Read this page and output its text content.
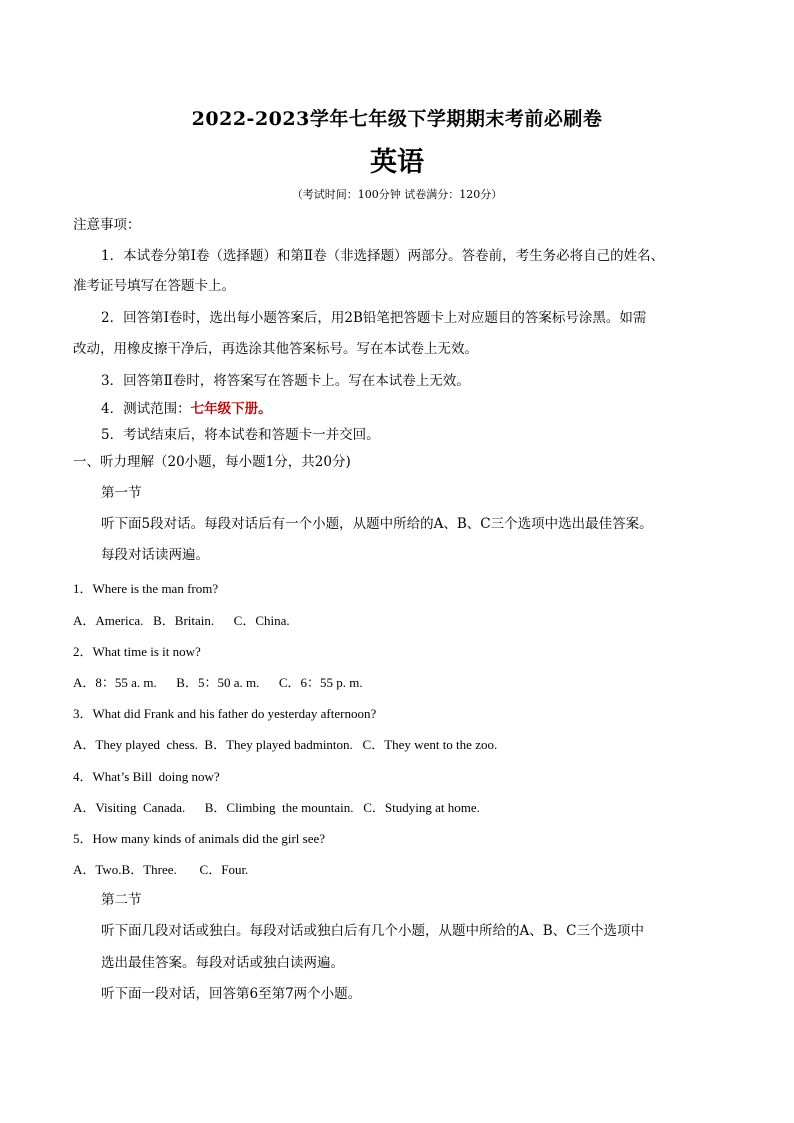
2022-2023学年七年级下学期期末考前必刷卷
英语
（考试时间：100分钟 试卷满分：120分）
注意事项：
1．本试卷分第Ⅰ卷（选择题）和第Ⅱ卷（非选择题）两部分。答卷前，考生务必将自己的姓名、
准考证号填写在答题卡上。
2．回答第Ⅰ卷时，选出每小题答案后，用2B铅笔把答题卡上对应题目的答案标号涂黑。如需
改动，用橡皮擦干净后，再选涂其他答案标号。写在本试卷上无效。
3．回答第Ⅱ卷时，将答案写在答题卡上。写在本试卷上无效。
4．测试范围：七年级下册。
5．考试结束后，将本试卷和答题卡一并交回。
一、听力理解（20小题，每小题1分，共20分)
第一节
听下面5段对话。每段对话后有一个小题，从题中所给的A、B、C三个选项中选出最佳答案。
每段对话读两遍。
1．Where is the man from?
A．America.   B．Britain.      C．China.
2．What time is it now?
A．8：55 a. m.      B．5：50 a. m.      C．6：55 p. m.
3．What did Frank and his father do yesterday afternoon?
A．They played  chess.  B．They played badminton.   C．They went to the zoo.
4．What’s Bill  doing now?
A．Visiting  Canada.      B．Climbing  the mountain.   C．Studying at home.
5．How many kinds of animals did the girl see?
A．Two.B．Three.       C．Four.
第二节
听下面几段对话或独白。每段对话或独白后有几个小题，从题中所给的A、B、C三个选项中
选出最佳答案。每段对话或独白读两遍。
听下面一段对话，回答第6至第7两个小题。
